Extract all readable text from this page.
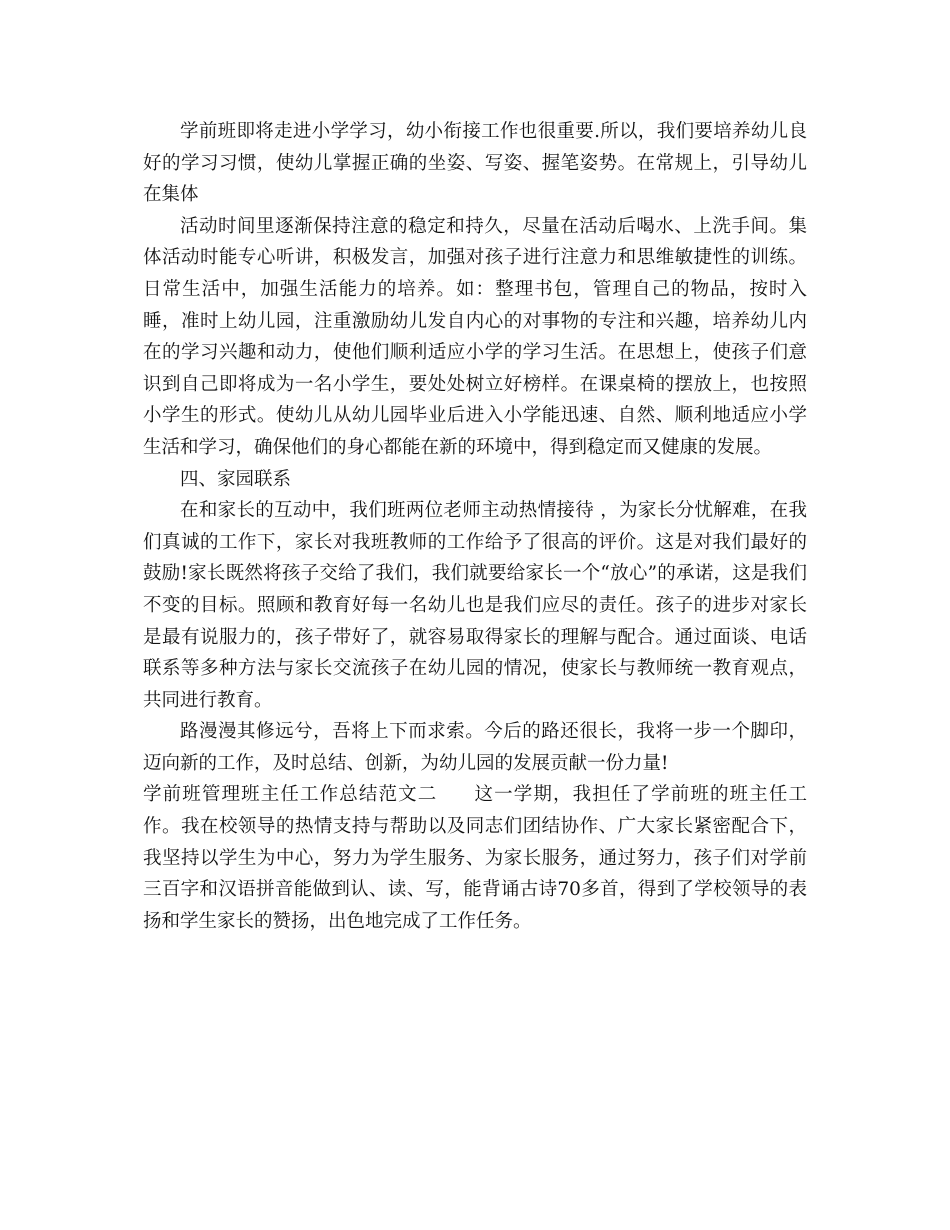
学前班即将走进小学学习，幼小衔接工作也很重要.所以，我们要培养幼儿良好的学习习惯，使幼儿掌握正确的坐姿、写姿、握笔姿势。在常规上，引导幼儿在集体

活动时间里逐渐保持注意的稳定和持久，尽量在活动后喝水、上洗手间。集体活动时能专心听讲，积极发言，加强对孩子进行注意力和思维敏捷性的训练。日常生活中，加强生活能力的培养。如：整理书包，管理自己的物品，按时入睡，准时上幼儿园，注重激励幼儿发自内心的对事物的专注和兴趣，培养幼儿内在的学习兴趣和动力，使他们顺利适应小学的学习生活。在思想上，使孩子们意识到自己即将成为一名小学生，要处处树立好榜样。在课桌椅的摆放上，也按照小学生的形式。使幼儿从幼儿园毕业后进入小学能迅速、自然、顺利地适应小学生活和学习，确保他们的身心都能在新的环境中，得到稳定而又健康的发展。

四、家园联系

在和家长的互动中，我们班两位老师主动热情接待 ，为家长分忧解难，在我们真诚的工作下，家长对我班教师的工作给予了很高的评价。这是对我们最好的鼓励!家长既然将孩子交给了我们，我们就要给家长一个“放心”的承诺，这是我们不变的目标。照顾和教育好每一名幼儿也是我们应尽的责任。孩子的进步对家长是最有说服力的，孩子带好了，就容易取得家长的理解与配合。通过面谈、电话联系等多种方法与家长交流孩子在幼儿园的情况，使家长与教师统一教育观点，共同进行教育。

路漫漫其修远兮，吾将上下而求索。今后的路还很长，我将一步一个脚印，迈向新的工作，及时总结、创新，为幼儿园的发展贡献一份力量!

学前班管理班主任工作总结范文二 这一学期，我担任了学前班的班主任工作。我在校领导的热情支持与帮助以及同志们团结协作、广大家长紧密配合下，我坚持以学生为中心，努力为学生服务、为家长服务，通过努力，孩子们对学前三百字和汉语拼音能做到认、读、写，能背诵古诗70多首，得到了学校领导的表扬和学生家长的赞扬，出色地完成了工作任务。
